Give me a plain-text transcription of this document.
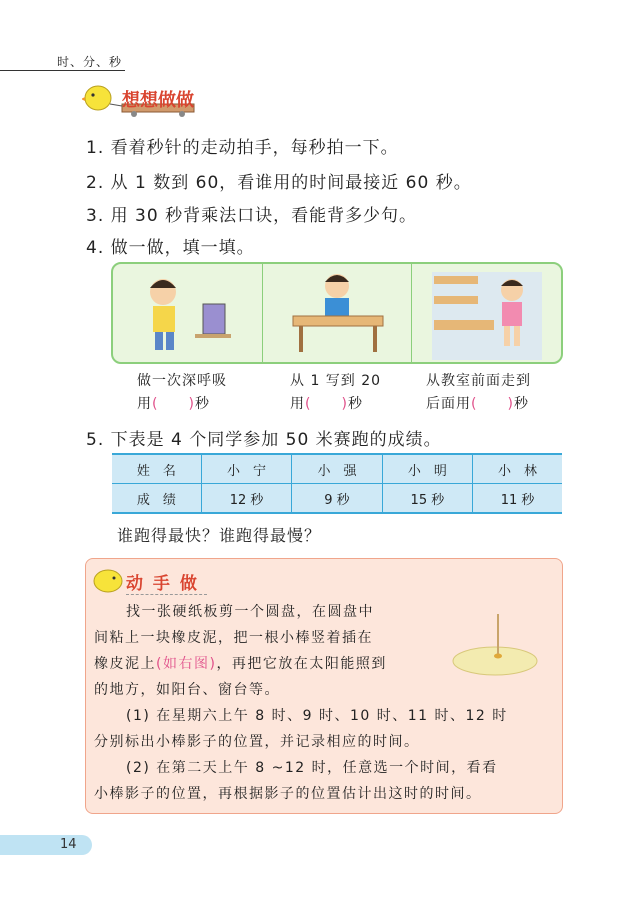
时、分、秒
想想做做
1. 看着秒针的走动拍手，每秒拍一下。
2. 从 1 数到 60，看谁用的时间最接近 60 秒。
3. 用 30 秒背乘法口诀，看能背多少句。
4. 做一做，填一填。
做一次深呼吸
用(　　)秒
从 1 写到 20
用(　　)秒
从教室前面走到
后面用(　　)秒
5. 下表是 4 个同学参加 50 米赛跑的成绩。
姓　名	小　宁	小　强	小　明	小　林
成　绩	12 秒	9 秒	15 秒	11 秒
谁跑得最快？谁跑得最慢？
动 手 做
找一张硬纸板剪一个圆盘，在圆盘中
间粘上一块橡皮泥，把一根小棒竖着插在
橡皮泥上(如右图)，再把它放在太阳能照到
的地方，如阳台、窗台等。
(1) 在星期六上午 8 时、9 时、10 时、11 时、12 时
分别标出小棒影子的位置，并记录相应的时间。
(2) 在第二天上午 8 ~12 时，任意选一个时间，看看
小棒影子的位置，再根据影子的位置估计出这时的时间。
14
